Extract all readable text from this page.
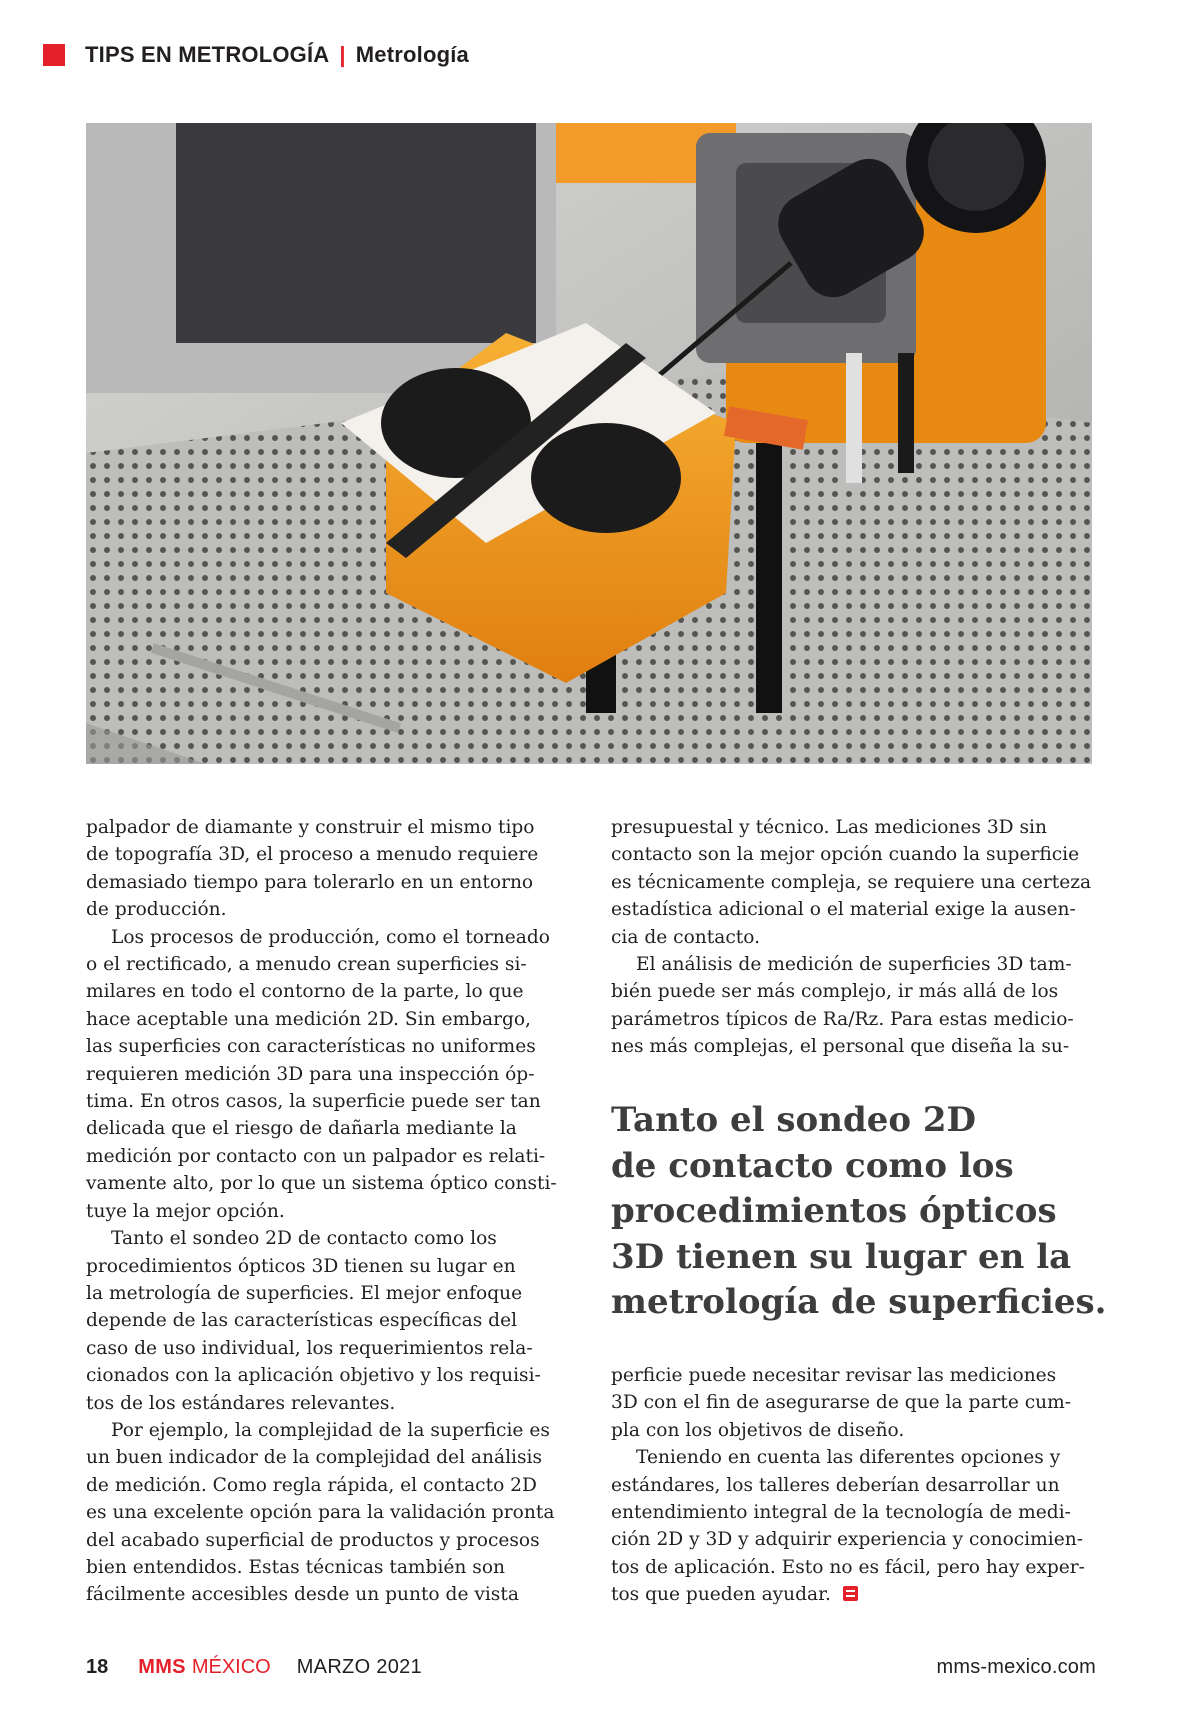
TIPS EN METROLOGÍA | Metrología

palpador de diamante y construir el mismo tipo

de topografía 3D, el proceso a menudo requiere

demasiado tiempo para tolerarlo en un entorno

de producción.

Los procesos de producción, como el torneado

o el rectificado, a menudo crean superficies si-

milares en todo el contorno de la parte, lo que

hace aceptable una medición 2D. Sin embargo,

las superficies con características no uniformes

requieren medición 3D para una inspección óp-

tima. En otros casos, la superficie puede ser tan

delicada que el riesgo de dañarla mediante la

medición por contacto con un palpador es relati-

vamente alto, por lo que un sistema óptico consti-

tuye la mejor opción.

Tanto el sondeo 2D de contacto como los

procedimientos ópticos 3D tienen su lugar en

la metrología de superficies. El mejor enfoque

depende de las características específicas del

caso de uso individual, los requerimientos rela-

cionados con la aplicación objetivo y los requisi-

tos de los estándares relevantes.

Por ejemplo, la complejidad de la superficie es

un buen indicador de la complejidad del análisis

de medición. Como regla rápida, el contacto 2D

es una excelente opción para la validación pronta

del acabado superficial de productos y procesos

bien entendidos. Estas técnicas también son

fácilmente accesibles desde un punto de vista

presupuestal y técnico. Las mediciones 3D sin

contacto son la mejor opción cuando la superficie

es técnicamente compleja, se requiere una certeza

estadística adicional o el material exige la ausen-

cia de contacto.

El análisis de medición de superficies 3D tam-

bién puede ser más complejo, ir más allá de los

parámetros típicos de Ra/Rz. Para estas medicio-

nes más complejas, el personal que diseña la su-

Tanto el sondeo 2D
de contacto como los
procedimientos ópticos
3D tienen su lugar en la
metrología de superficies.

perficie puede necesitar revisar las mediciones

3D con el fin de asegurarse de que la parte cum-

pla con los objetivos de diseño.

Teniendo en cuenta las diferentes opciones y

estándares, los talleres deberían desarrollar un

entendimiento integral de la tecnología de medi-

ción 2D y 3D y adquirir experiencia y conocimien-

tos de aplicación. Esto no es fácil, pero hay exper-

tos que pueden ayudar.

18 MMS MÉXICO MARZO 2021	mms-mexico.com
